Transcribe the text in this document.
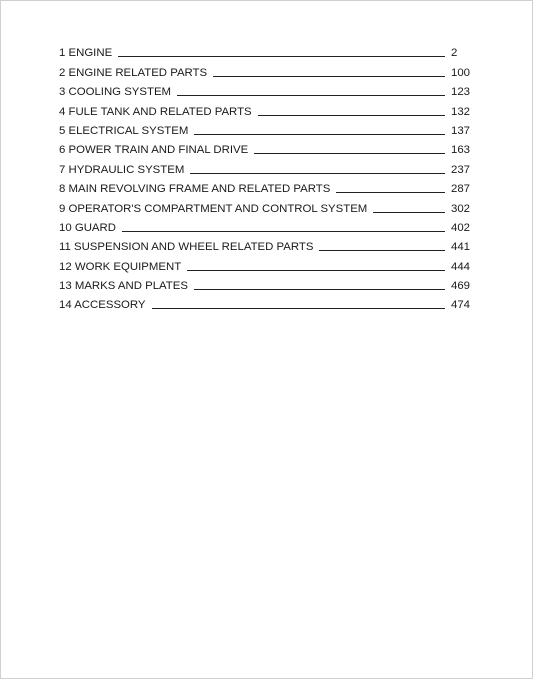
1 ENGINE	2
2 ENGINE RELATED PARTS	100
3 COOLING SYSTEM	123
4 FULE TANK AND RELATED PARTS	132
5 ELECTRICAL SYSTEM	137
6 POWER TRAIN AND FINAL DRIVE	163
7 HYDRAULIC SYSTEM	237
8 MAIN REVOLVING FRAME AND RELATED PARTS	287
9 OPERATOR'S COMPARTMENT AND CONTROL SYSTEM	302
10 GUARD	402
11 SUSPENSION AND WHEEL RELATED PARTS	441
12 WORK EQUIPMENT	444
13 MARKS AND PLATES	469
14 ACCESSORY	474
